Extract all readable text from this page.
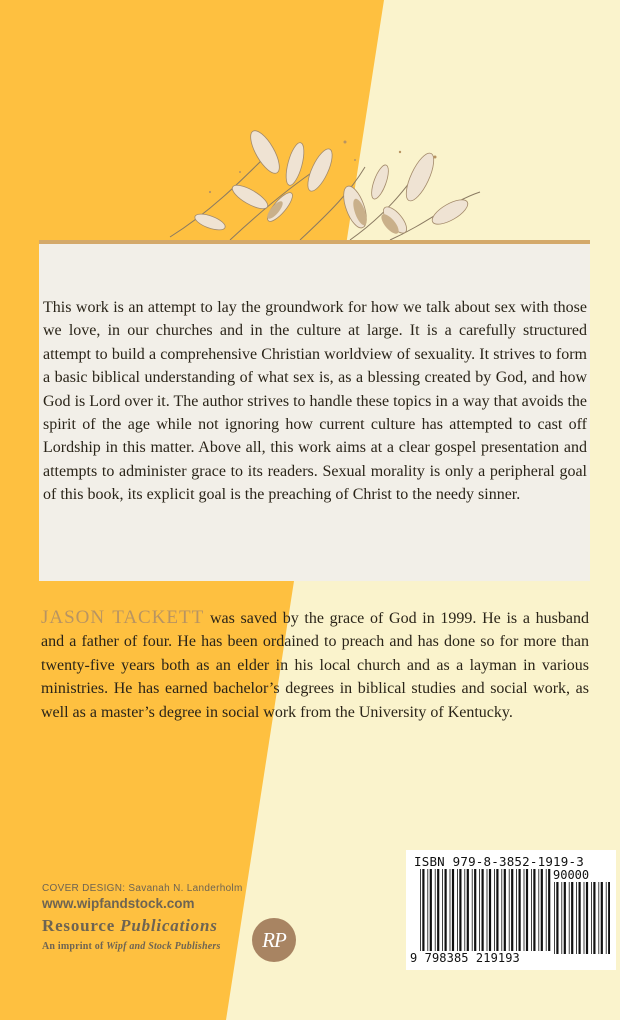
This work is an attempt to lay the groundwork for how we talk about sex with those we love, in our churches and in the culture at large. It is a carefully structured attempt to build a comprehensive Christian worldview of sexuality. It strives to form a basic biblical understanding of what sex is, as a blessing created by God, and how God is Lord over it. The author strives to handle these topics in a way that avoids the spirit of the age while not ignoring how current culture has attempted to cast off Lordship in this matter. Above all, this work aims at a clear gospel presentation and attempts to administer grace to its readers. Sexual morality is only a peripheral goal of this book, its explicit goal is the preaching of Christ to the needy sinner.

JASON TACKETT was saved by the grace of God in 1999. He is a husband and a father of four. He has been ordained to preach and has done so for more than twenty-five years both as an elder in his local church and as a layman in various ministries. He has earned bachelor’s degrees in biblical studies and social work, as well as a master’s degree in social work from the University of Kentucky.

COVER DESIGN: Savanah N. Landerholm
www.wipfandstock.com
Resource Publications
An imprint of Wipf and Stock Publishers	RP
ISBN 979-8-3852-1919-3
90000
9 798385 219193
